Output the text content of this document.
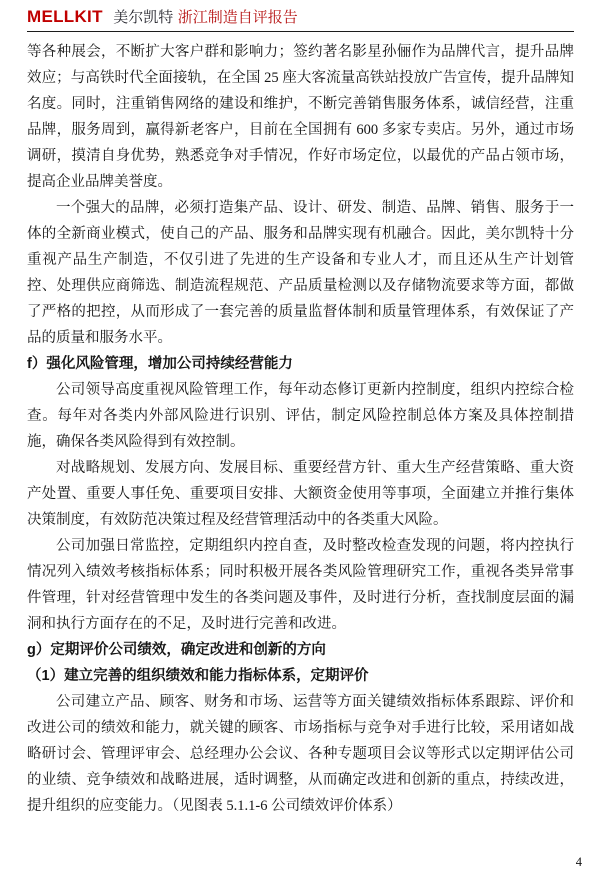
MELLKIT 美尔凯特 浙江制造自评报告

等各种展会，不断扩大客户群和影响力；签约著名影星孙俪作为品牌代言，提升品牌效应；与高铁时代全面接轨，在全国 25 座大客流量高铁站投放广告宣传，提升品牌知名度。同时，注重销售网络的建设和维护，不断完善销售服务体系，诚信经营，注重品牌，服务周到，赢得新老客户，目前在全国拥有 600 多家专卖店。另外，通过市场调研，摸清自身优势，熟悉竞争对手情况，作好市场定位，以最优的产品占领市场，提高企业品牌美誉度。

一个强大的品牌，必须打造集产品、设计、研发、制造、品牌、销售、服务于一体的全新商业模式，使自己的产品、服务和品牌实现有机融合。因此，美尔凯特十分重视产品生产制造，不仅引进了先进的生产设备和专业人才，而且还从生产计划管控、处理供应商筛选、制造流程规范、产品质量检测以及存储物流要求等方面，都做了严格的把控，从而形成了一套完善的质量监督体制和质量管理体系，有效保证了产品的质量和服务水平。

f）强化风险管理，增加公司持续经营能力

公司领导高度重视风险管理工作，每年动态修订更新内控制度，组织内控综合检查。每年对各类内外部风险进行识别、评估，制定风险控制总体方案及具体控制措施，确保各类风险得到有效控制。

对战略规划、发展方向、发展目标、重要经营方针、重大生产经营策略、重大资产处置、重要人事任免、重要项目安排、大额资金使用等事项，全面建立并推行集体决策制度，有效防范决策过程及经营管理活动中的各类重大风险。

公司加强日常监控，定期组织内控自查，及时整改检查发现的问题，将内控执行情况列入绩效考核指标体系；同时积极开展各类风险管理研究工作，重视各类异常事件管理，针对经营管理中发生的各类问题及事件，及时进行分析，查找制度层面的漏洞和执行方面存在的不足，及时进行完善和改进。

g）定期评价公司绩效，确定改进和创新的方向
（1）建立完善的组织绩效和能力指标体系，定期评价

公司建立产品、顾客、财务和市场、运营等方面关键绩效指标体系跟踪、评价和改进公司的绩效和能力，就关键的顾客、市场指标与竞争对手进行比较，采用诸如战略研讨会、管理评审会、总经理办公会议、各种专题项目会议等形式以定期评估公司的业绩、竞争绩效和战略进展，适时调整，从而确定改进和创新的重点，持续改进，提升组织的应变能力。（见图表 5.1.1-6 公司绩效评价体系）

4
